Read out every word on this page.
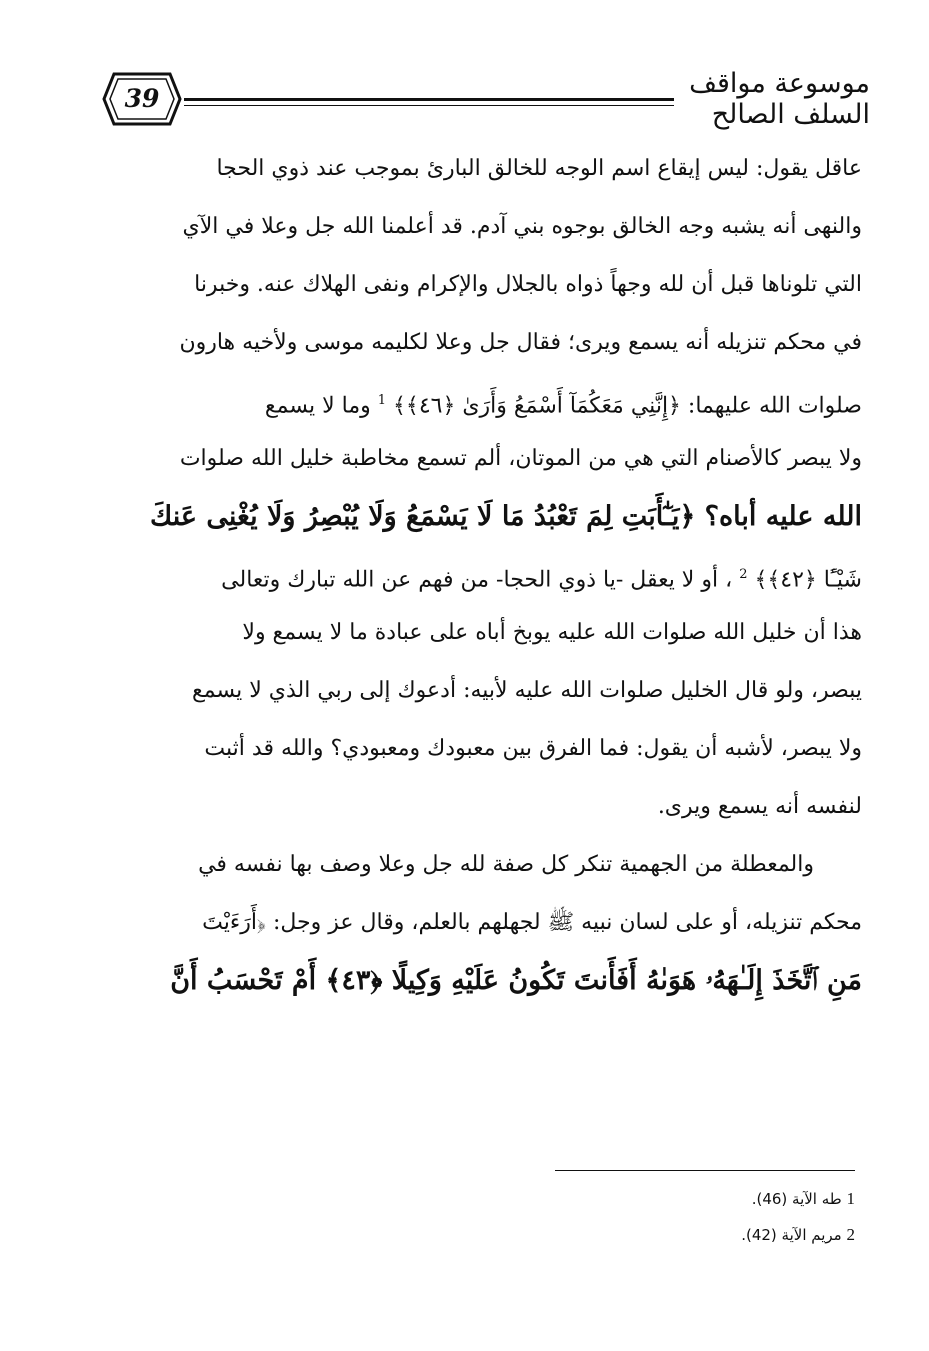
39	موسوعة مواقف السلف الصالح
عاقل يقول: ليس إيقاع اسم الوجه للخالق البارئ بموجب عند ذوي الحجا
والنهى أنه يشبه وجه الخالق بوجوه بني آدم. قد أعلمنا الله جل وعلا في الآي
التي تلوناها قبل أن لله وجهاً ذواه بالجلال والإكرام ونفى الهلاك عنه. وخبرنا
في محكم تنزيله أنه يسمع ويرى؛ فقال جل وعلا لكليمه موسى ولأخيه هارون
صلوات الله عليهما: ﴿إِنَّنِي مَعَكُمَآ أَسْمَعُ وَأَرَىٰ ﴿٤٦﴾﴾ $^1$ وما لا يسمع
ولا يبصر كالأصنام التي هي من الموتان، ألم تسمع مخاطبة خليل الله صلوات
الله عليه أباه؟ ﴿يَـٰٓأَبَتِ لِمَ تَعْبُدُ مَا لَا يَسْمَعُ وَلَا يُبْصِرُ وَلَا يُغْنِى عَنكَ
شَيْـًٔا ﴿٤٢﴾﴾ $^2$ ، أو لا يعقل -يا ذوي الحجا- من فهم عن الله تبارك وتعالى
هذا أن خليل الله صلوات الله عليه يوبخ أباه على عبادة ما لا يسمع ولا
يبصر، ولو قال الخليل صلوات الله عليه لأبيه: أدعوك إلى ربي الذي لا يسمع
ولا يبصر، لأشبه أن يقول: فما الفرق بين معبودك ومعبودي؟ والله قد أثبت
لنفسه أنه يسمع ويرى.
والمعطلة من الجهمية تنكر كل صفة لله جل وعلا وصف بها نفسه في
محكم تنزيله، أو على لسان نبيه ﷺ لجهلهم بالعلم، وقال عز وجل: ﴿أَرَءَيْتَ
مَنِ ٱتَّخَذَ إِلَـٰهَهُۥ هَوَىٰهُ أَفَأَنتَ تَكُونُ عَلَيْهِ وَكِيلًا ﴿٤٣﴾ أَمْ تَحْسَبُ أَنَّ
1 طه الآية (46).
2 مريم الآية (42).
